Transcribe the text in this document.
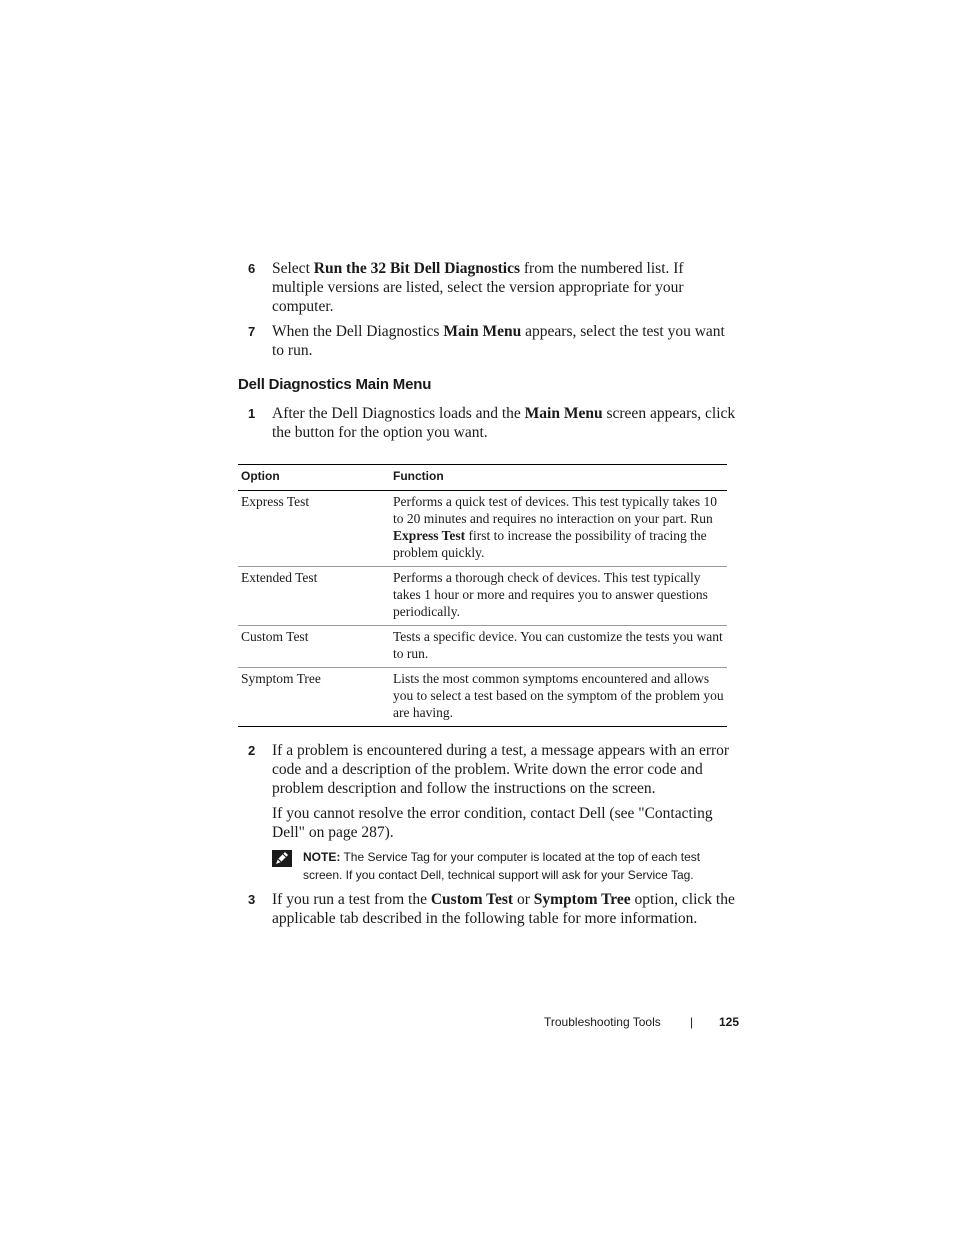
6 Select Run the 32 Bit Dell Diagnostics from the numbered list. If multiple versions are listed, select the version appropriate for your computer.
7 When the Dell Diagnostics Main Menu appears, select the test you want to run.
Dell Diagnostics Main Menu
1 After the Dell Diagnostics loads and the Main Menu screen appears, click the button for the option you want.
Option	Function
Express Test	Performs a quick test of devices. This test typically takes 10 to 20 minutes and requires no interaction on your part. Run Express Test first to increase the possibility of tracing the problem quickly.
Extended Test	Performs a thorough check of devices. This test typically takes 1 hour or more and requires you to answer questions periodically.
Custom Test	Tests a specific device. You can customize the tests you want to run.
Symptom Tree	Lists the most common symptoms encountered and allows you to select a test based on the symptom of the problem you are having.
2 If a problem is encountered during a test, a message appears with an error code and a description of the problem. Write down the error code and problem description and follow the instructions on the screen.
If you cannot resolve the error condition, contact Dell (see "Contacting Dell" on page 287).
NOTE: The Service Tag for your computer is located at the top of each test screen. If you contact Dell, technical support will ask for your Service Tag.
3 If you run a test from the Custom Test or Symptom Tree option, click the applicable tab described in the following table for more information.
Troubleshooting Tools | 125
